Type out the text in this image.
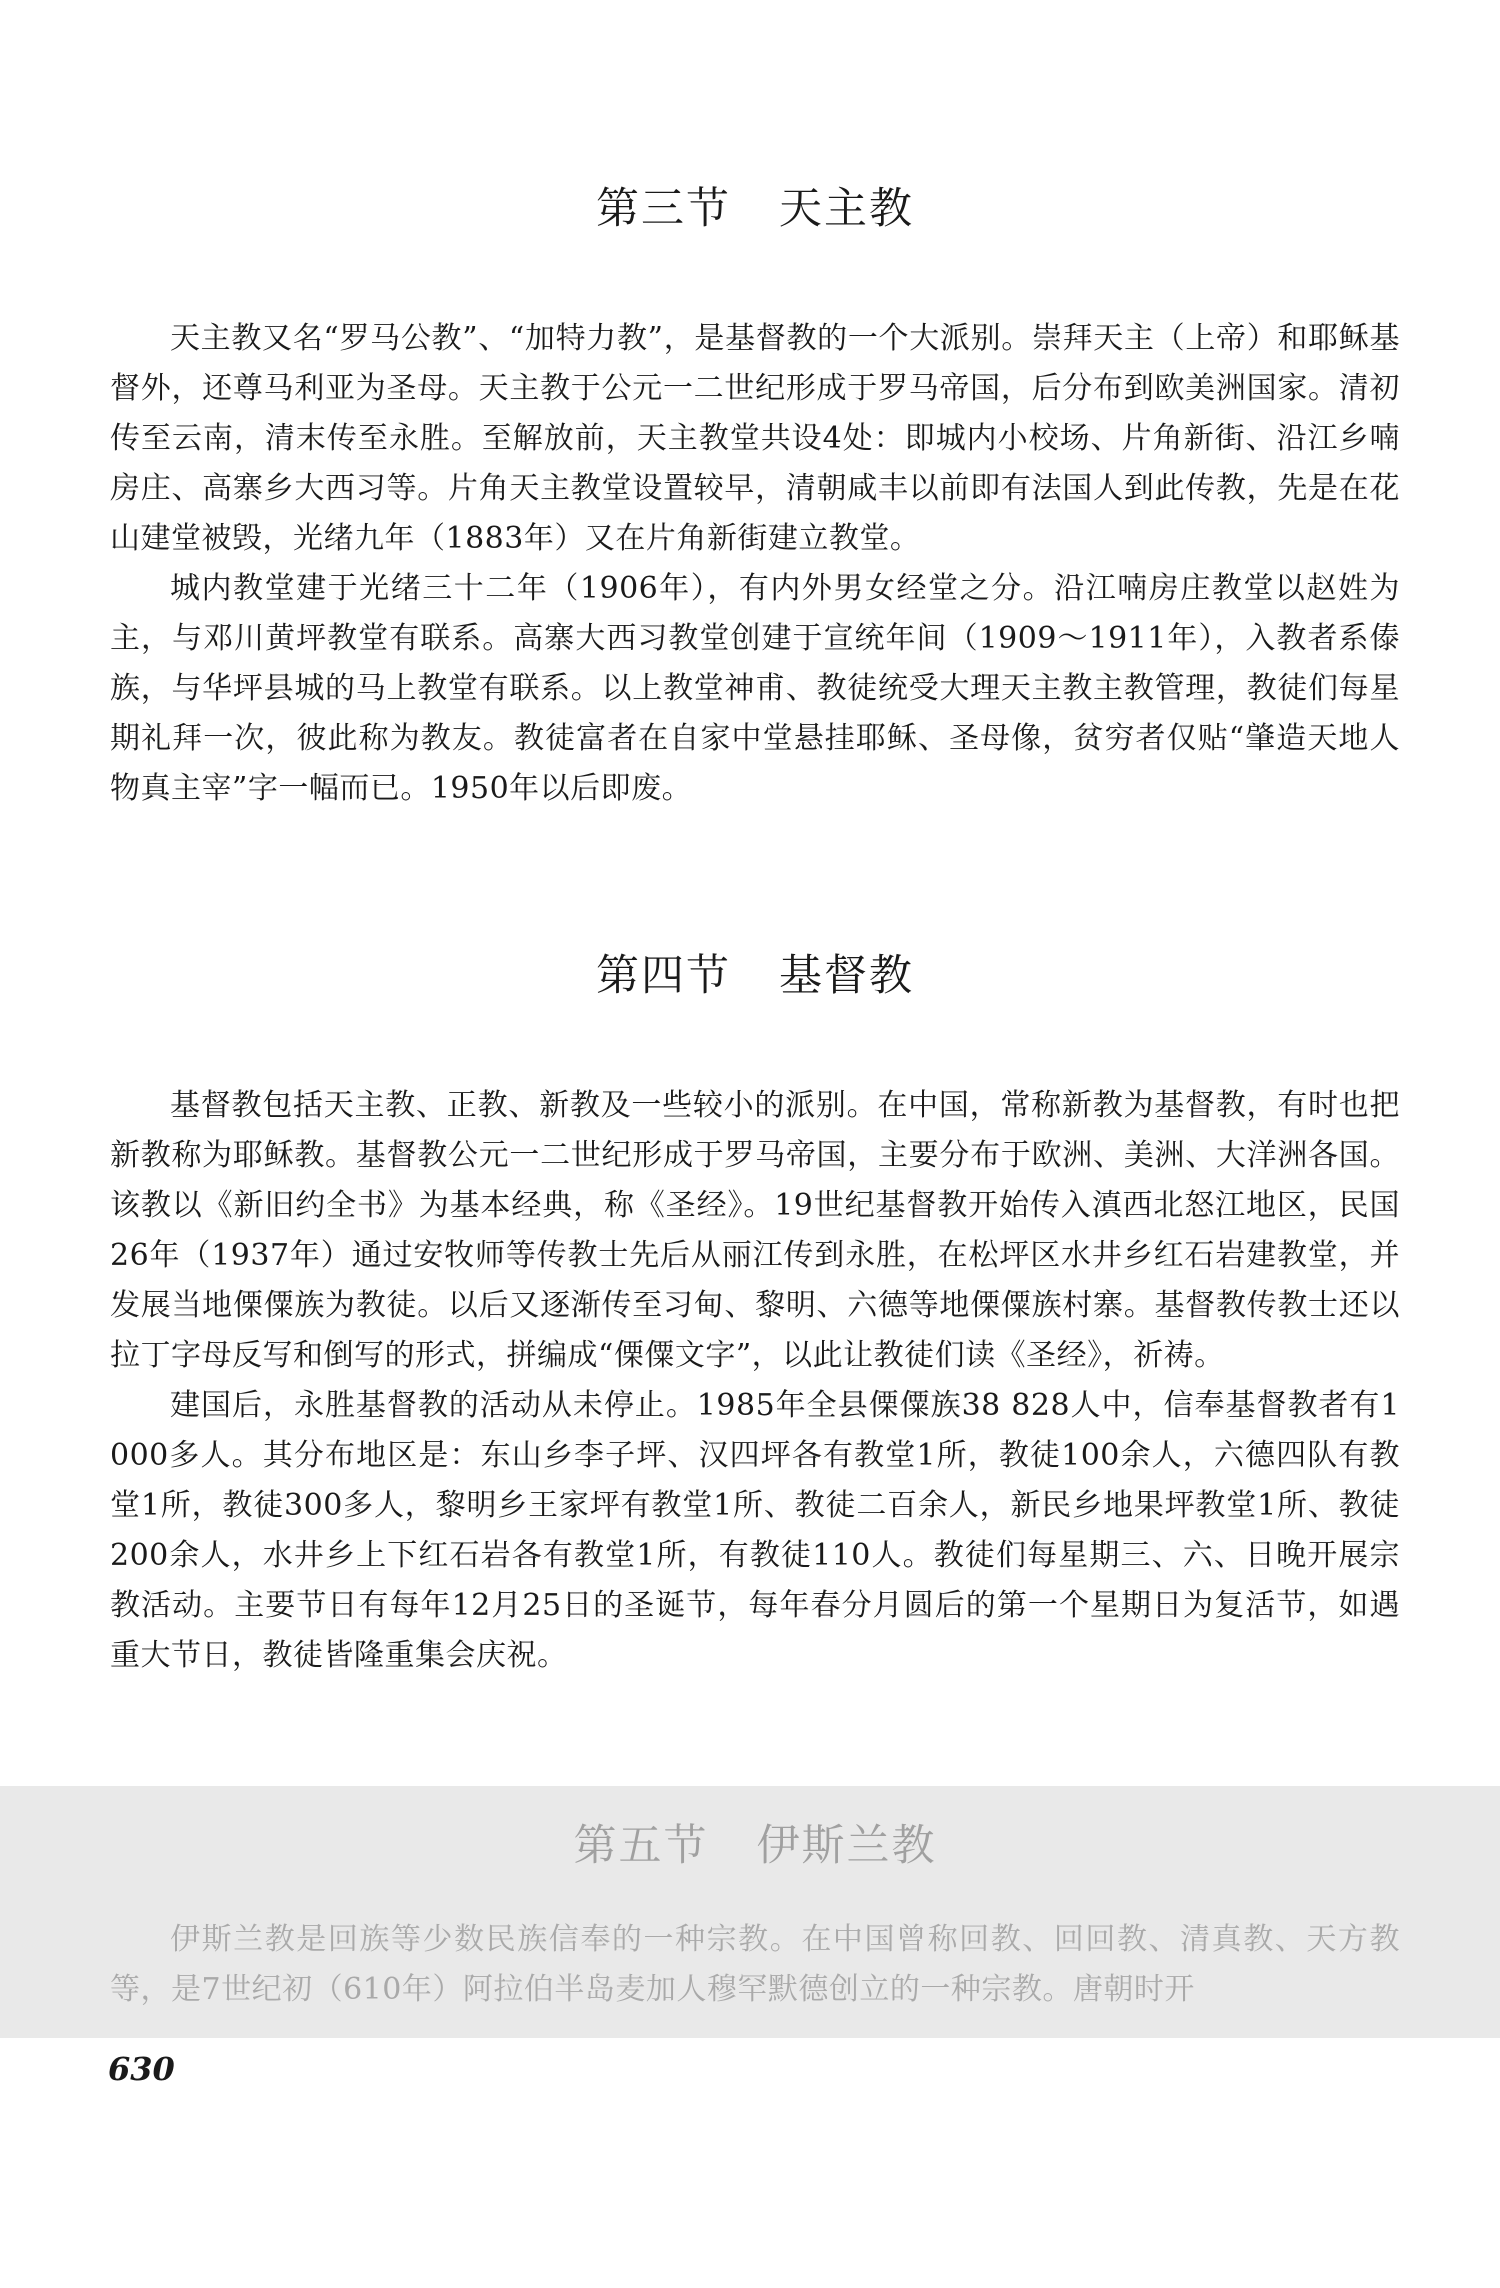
第三节 天主教

天主教又名“罗马公教”、“加特力教”，是基督教的一个大派别。崇拜天主（上帝）和耶稣基督外，还尊马利亚为圣母。天主教于公元一二世纪形成于罗马帝国，后分布到欧美洲国家。清初传至云南，清末传至永胜。至解放前，天主教堂共设4处：即城内小校场、片角新街、沿江乡喃房庄、高寨乡大西习等。片角天主教堂设置较早，清朝咸丰以前即有法国人到此传教，先是在花山建堂被毁，光绪九年（1883年）又在片角新街建立教堂。

城内教堂建于光绪三十二年（1906年），有内外男女经堂之分。沿江喃房庄教堂以赵姓为主，与邓川黄坪教堂有联系。高寨大西习教堂创建于宣统年间（1909～1911年），入教者系傣族，与华坪县城的马上教堂有联系。以上教堂神甫、教徒统受大理天主教主教管理，教徒们每星期礼拜一次，彼此称为教友。教徒富者在自家中堂悬挂耶稣、圣母像，贫穷者仅贴“肇造天地人物真主宰”字一幅而已。1950年以后即废。

第四节 基督教

基督教包括天主教、正教、新教及一些较小的派别。在中国，常称新教为基督教，有时也把新教称为耶稣教。基督教公元一二世纪形成于罗马帝国，主要分布于欧洲、美洲、大洋洲各国。该教以《新旧约全书》为基本经典，称《圣经》。19世纪基督教开始传入滇西北怒江地区，民国26年（1937年）通过安牧师等传教士先后从丽江传到永胜，在松坪区水井乡红石岩建教堂，并发展当地傈僳族为教徒。以后又逐渐传至习甸、黎明、六德等地傈僳族村寨。基督教传教士还以拉丁字母反写和倒写的形式，拼编成“傈僳文字”，以此让教徒们读《圣经》，祈祷。

建国后，永胜基督教的活动从未停止。1985年全县傈僳族38 828人中，信奉基督教者有1 000多人。其分布地区是：东山乡李子坪、汉四坪各有教堂1所，教徒100余人，六德四队有教堂1所，教徒300多人，黎明乡王家坪有教堂1所、教徒二百余人，新民乡地果坪教堂1所、教徒200余人，水井乡上下红石岩各有教堂1所，有教徒110人。教徒们每星期三、六、日晚开展宗教活动。主要节日有每年12月25日的圣诞节，每年春分月圆后的第一个星期日为复活节，如遇重大节日，教徒皆隆重集会庆祝。

第五节 伊斯兰教

伊斯兰教是回族等少数民族信奉的一种宗教。在中国曾称回教、回回教、清真教、天方教等，是7世纪初（610年）阿拉伯半岛麦加人穆罕默德创立的一种宗教。唐朝时开

630
